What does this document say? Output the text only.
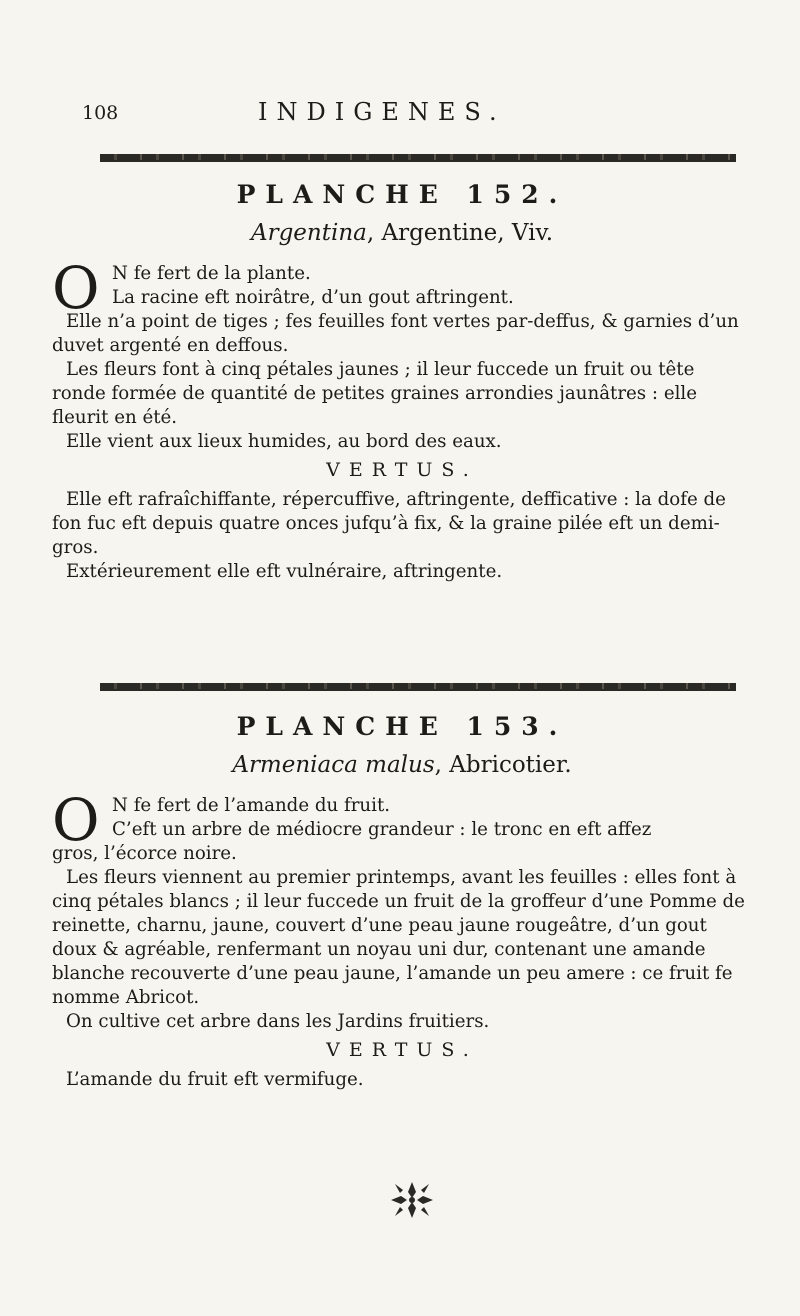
108	INDIGENES.
PLANCHE 152.

Argentina, Argentine, Viv.

O N fe fert de la plante.

La racine eft noirâtre, d’un gout aftringent.

Elle n’a point de tiges ; fes feuilles font vertes par-deffus, & garnies d’un duvet argenté en deffous.

Les fleurs font à cinq pétales jaunes ; il leur fuccede un fruit ou tête ronde formée de quantité de petites graines arrondies jaunâtres : elle fleurit en été.

Elle vient aux lieux humides, au bord des eaux.

VERTUS.

Elle eft rafraîchiffante, répercuffive, aftringente, defficative : la dofe de fon fuc eft depuis quatre onces jufqu’à fix, & la graine pilée eft un demi-gros.

Extérieurement elle eft vulnéraire, aftringente.

PLANCHE 153.

Armeniaca malus, Abricotier.

O N fe fert de l’amande du fruit.

C’eft un arbre de médiocre grandeur : le tronc en eft affez

gros, l’écorce noire.

Les fleurs viennent au premier printemps, avant les feuilles : elles font à cinq pétales blancs ; il leur fuccede un fruit de la groffeur d’une Pomme de reinette, charnu, jaune, couvert d’une peau jaune rougeâtre, d’un gout doux & agréable, renfermant un noyau uni dur, contenant une amande blanche recouverte d’une peau jaune, l’amande un peu amere : ce fruit fe nomme Abricot.

On cultive cet arbre dans les Jardins fruitiers.

VERTUS.

L’amande du fruit eft vermifuge.
